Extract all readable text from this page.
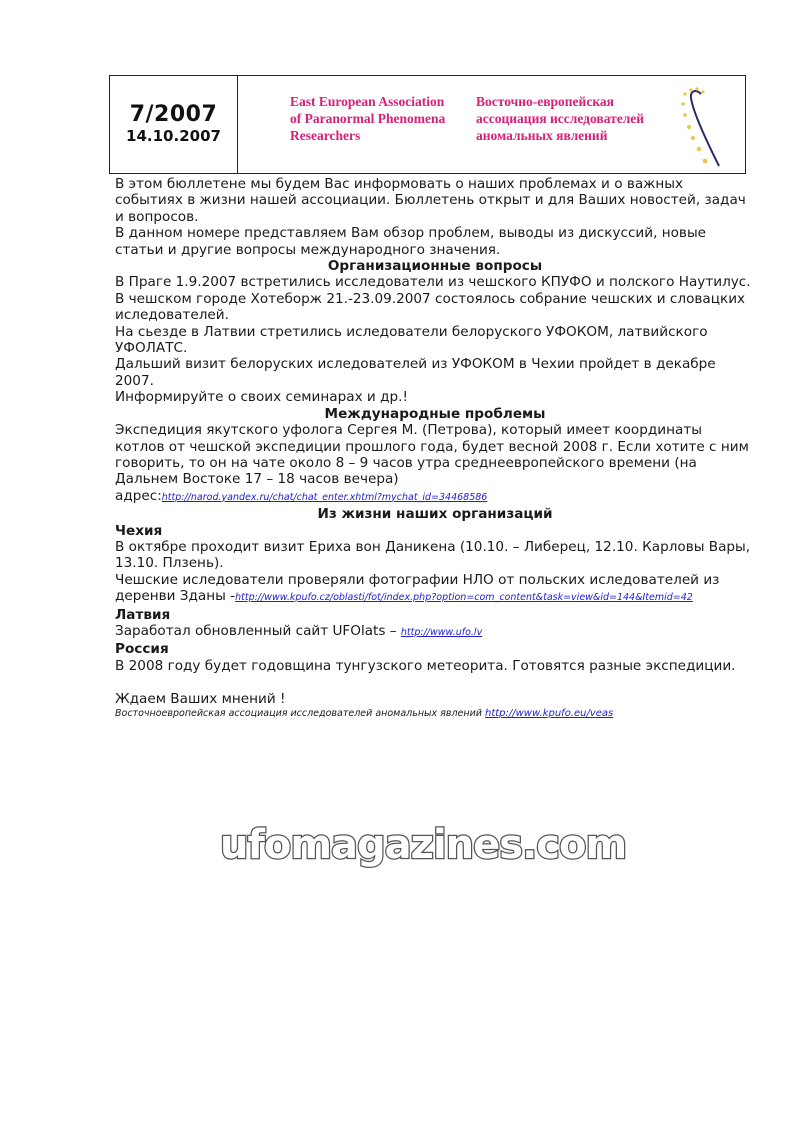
7/2007
14.10.2007
East European Association
of Paranormal Phenomena
Researchers
Восточно-европейская
ассоциация исследователей
аномальных явлений

В этом бюллетене мы будем Вас информовать о наших проблемах и о важных событиях в жизни нашей ассоциации. Бюллетень открыт и для Ваших новостей, задач и вопросов.

В данном номере представляем Вам обзор проблем, выводы из дискуссий, новые статьи и другие вопросы международного значения.

Организационные вопросы

В Праге 1.9.2007 встретились исследователи из чешского КПУФО и полского Наутилус.

В чешском городе Хотеборж 21.-23.09.2007 состоялось собрание чешских и словацких иследователей.

На сьезде в Латвии стретились иследователи белоруского УФОКОМ, латвийского УФОЛАТС.

Дальший визит белоруских иследователей из УФОКОМ в Чехии пройдет в декабре 2007.

Информируйте о своих семинарах и др.!

Международные проблемы

Экспедиция якутского уфолога Сергея М. (Петрова), который имеет координаты котлов от чешской экспедиции прошлого года, будет весной 2008 г. Если хотите с ним говорить, то он на чате около 8 – 9 часов утра среднеевропейского времени (на Дальнем Востоке 17 – 18 часов вечера)

адрес:http://narod.yandex.ru/chat/chat_enter.xhtml?mychat_id=34468586

Из жизни наших организаций

Чехия

В октябре проходит визит Ериха вон Даникена (10.10. – Либерец, 12.10. Карловы Вары, 13.10. Плзень).

Чешские иследователи проверяли фотографии НЛО от польских иследователей из деренви Зданы -http://www.kpufo.cz/oblasti/fot/index.php?option=com_content&task=view&id=144&Itemid=42

Латвия

Заработал обновленный сайт UFOlats – http://www.ufo.lv

Россия

В 2008 году будет годовщина тунгузского метеорита. Готовятся разные экспедиции.

Ждаем Ваших мнений !

Восточноевропейская ассоциация исследователей аномальных явлений http://www.kpufo.eu/veas

ufomagazines.com
